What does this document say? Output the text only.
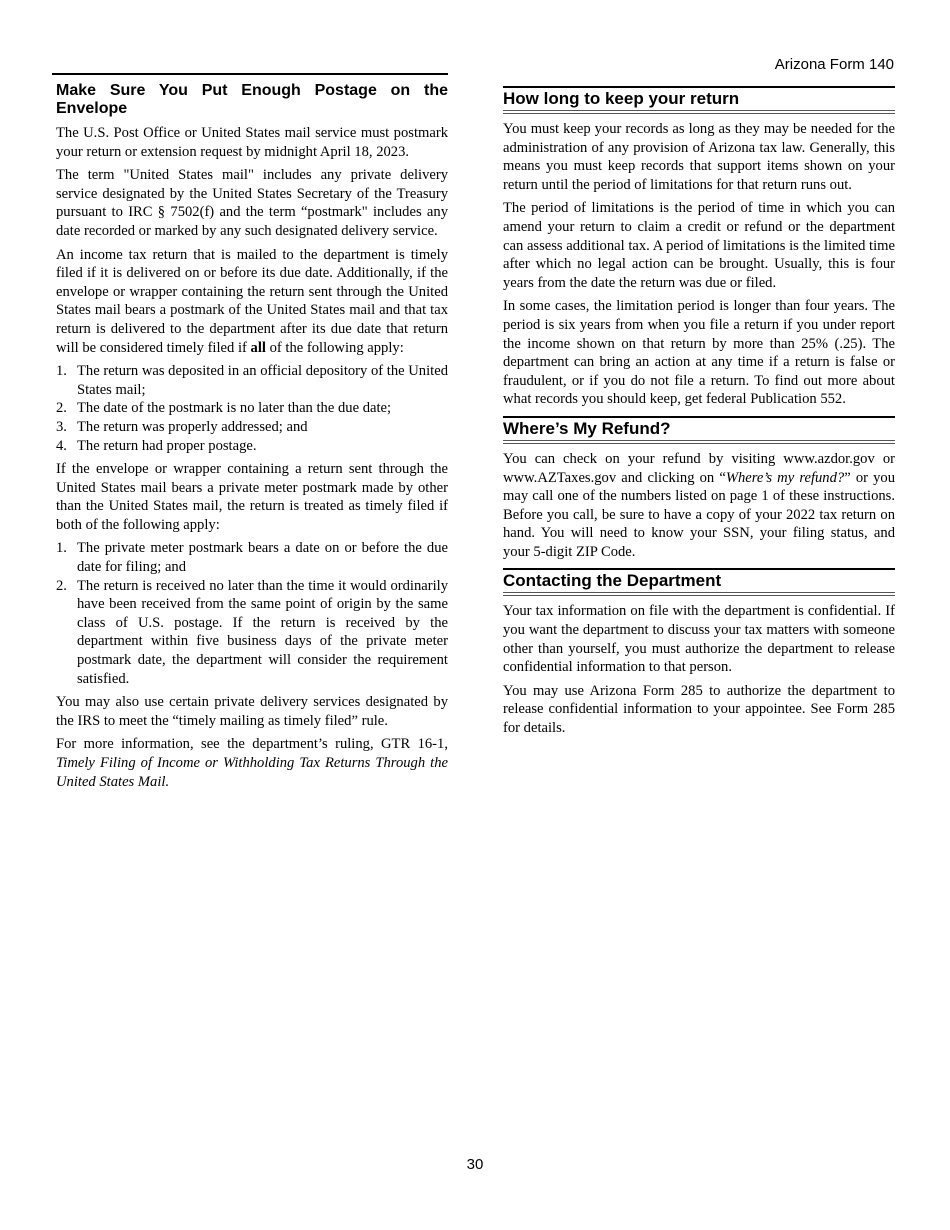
Arizona Form 140
Make Sure You Put Enough Postage on the Envelope

The U.S. Post Office or United States mail service must postmark your return or extension request by midnight April 18, 2023.

The term "United States mail" includes any private delivery service designated by the United States Secretary of the Treasury pursuant to IRC § 7502(f) and the term “postmark" includes any date recorded or marked by any such designated delivery service.

An income tax return that is mailed to the department is timely filed if it is delivered on or before its due date. Additionally, if the envelope or wrapper containing the return sent through the United States mail bears a postmark of the United States mail and that tax return is delivered to the department after its due date that return will be considered timely filed if all of the following apply:

1. The return was deposited in an official depository of the United States mail;
2. The date of the postmark is no later than the due date;
3. The return was properly addressed; and
4. The return had proper postage.

If the envelope or wrapper containing a return sent through the United States mail bears a private meter postmark made by other than the United States mail, the return is treated as timely filed if both of the following apply:

1. The private meter postmark bears a date on or before the due date for filing; and
2. The return is received no later than the time it would ordinarily have been received from the same point of origin by the same class of U.S. postage. If the return is received by the department within five business days of the private meter postmark date, the department will consider the requirement satisfied.

You may also use certain private delivery services designated by the IRS to meet the “timely mailing as timely filed” rule.

For more information, see the department’s ruling, GTR 16-1, Timely Filing of Income or Withholding Tax Returns Through the United States Mail.

How long to keep your return

You must keep your records as long as they may be needed for the administration of any provision of Arizona tax law. Generally, this means you must keep records that support items shown on your return until the period of limitations for that return runs out.

The period of limitations is the period of time in which you can amend your return to claim a credit or refund or the department can assess additional tax. A period of limitations is the limited time after which no legal action can be brought. Usually, this is four years from the date the return was due or filed.

In some cases, the limitation period is longer than four years. The period is six years from when you file a return if you under report the income shown on that return by more than 25% (.25). The department can bring an action at any time if a return is false or fraudulent, or if you do not file a return. To find out more about what records you should keep, get federal Publication 552.

Where’s My Refund?

You can check on your refund by visiting www.azdor.gov or www.AZTaxes.gov and clicking on “Where’s my refund?” or you may call one of the numbers listed on page 1 of these instructions. Before you call, be sure to have a copy of your 2022 tax return on hand. You will need to know your SSN, your filing status, and your 5-digit ZIP Code.

Contacting the Department

Your tax information on file with the department is confidential. If you want the department to discuss your tax matters with someone other than yourself, you must authorize the department to release confidential information to that person.

You may use Arizona Form 285 to authorize the department to release confidential information to your appointee. See Form 285 for details.

30
